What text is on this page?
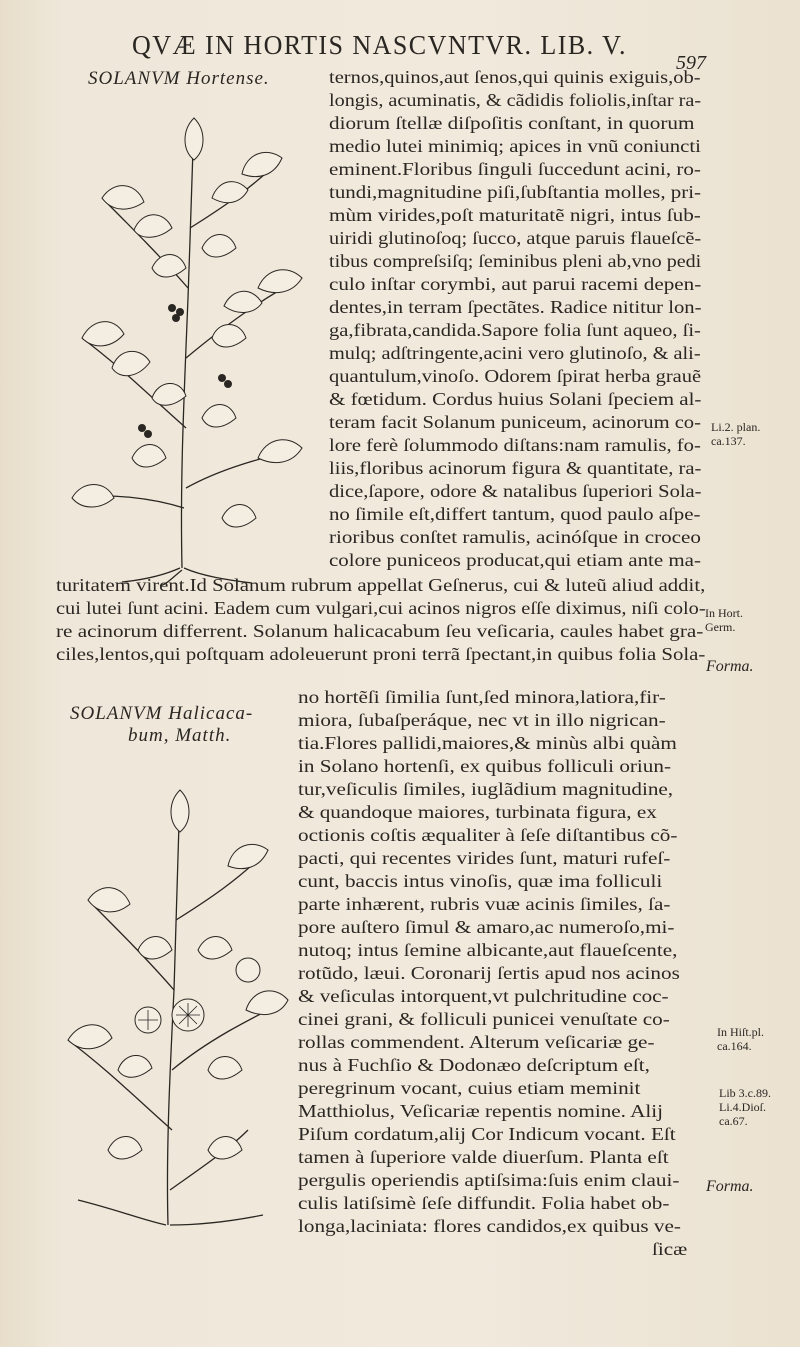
QVÆ IN HORTIS NASCVNTVR. LIB. V.
597
SOLANVM Hortense.
SOLANVM Halicaca-
bum, Matth.
ternos,quinos,aut ſenos,qui quinis exiguis,ob-
longis, acuminatis, & cãdidis foliolis,inſtar ra-
diorum ſtellæ diſpoſitis conſtant, in quorum
medio lutei minimiq; apices in vnũ coniuncti
eminent.Floribus ſinguli ſuccedunt acini, ro-
tundi,magnitudine piſi,ſubſtantia molles, pri-
mùm virides,poſt maturitatẽ nigri, intus ſub-
uiridi glutinoſoq; ſucco, atque paruis flaueſcẽ-
tibus compreſsiſq; ſeminibus pleni ab,vno pedi
culo inſtar corymbi, aut parui racemi depen-
dentes,in terram ſpectãtes. Radice nititur lon-
ga,fibrata,candida.Sapore folia ſunt aqueo, ſi-
mulq; adſtringente,acini vero glutinoſo, & ali-
quantulum,vinoſo. Odorem ſpirat herba grauẽ
& fœtidum. Cordus huius Solani ſpeciem al-
teram facit Solanum puniceum, acinorum co-
lore ferè ſolummodo diſtans:nam ramulis, fo-
liis,floribus acinorum figura & quantitate, ra-
dice,ſapore, odore & natalibus ſuperiori Sola-
no ſimile eſt,differt tantum, quod paulo aſpe-
rioribus conſtet ramulis, acinóſque in croceo
colore puniceos producat,qui etiam ante ma-
turitatem virent.Id Solanum rubrum appellat Geſnerus, cui & luteũ aliud addit,
cui lutei ſunt acini. Eadem cum vulgari,cui acinos nigros eſſe diximus, niſi colo-
re acinorum differrent. Solanum halicacabum ſeu veſicaria, caules habet gra-
ciles,lentos,qui poſtquam adoleuerunt proni terrã ſpectant,in quibus folia Sola-
no hortẽſi ſimilia ſunt,ſed minora,latiora,fir-
miora, ſubaſperáque, nec vt in illo nigrican-
tia.Flores pallidi,maiores,& minùs albi quàm
in Solano hortenſi, ex quibus folliculi oriun-
tur,veſiculis ſimiles, iuglãdium magnitudine,
& quandoque maiores, turbinata figura, ex
octionis coſtis æqualiter à ſeſe diſtantibus cõ-
pacti, qui recentes virides ſunt, maturi rufeſ-
cunt, baccis intus vinoſis, quæ ima folliculi
parte inhærent, rubris vuæ acinis ſimiles, ſa-
pore auſtero ſimul & amaro,ac numeroſo,mi-
nutoq; intus ſemine albicante,aut flaueſcente,
rotũdo, læui. Coronarij ſertis apud nos acinos
& veſiculas intorquent,vt pulchritudine coc-
cinei grani, & folliculi punicei venuſtate co-
rollas commendent. Alterum veſicariæ ge-
nus à Fuchſio & Dodonæo deſcriptum eſt,
peregrinum vocant, cuius etiam meminit
Matthiolus, Veſicariæ repentis nomine. Alij
Piſum cordatum,alij Cor Indicum vocant. Eſt
tamen à ſuperiore valde diuerſum. Planta eſt
pergulis operiendis aptiſsima:ſuis enim claui-
culis latiſsimè ſeſe diffundit. Folia habet ob-
longa,laciniata: flores candidos,ex quibus ve-
ſicæ
Li.2. plan.
ca.137.
In Hort.
Germ.
Forma.
In Hiſt.pl.
ca.164.
Lib 3.c.89.
Li.4.Dioſ.
ca.67.
Forma.
